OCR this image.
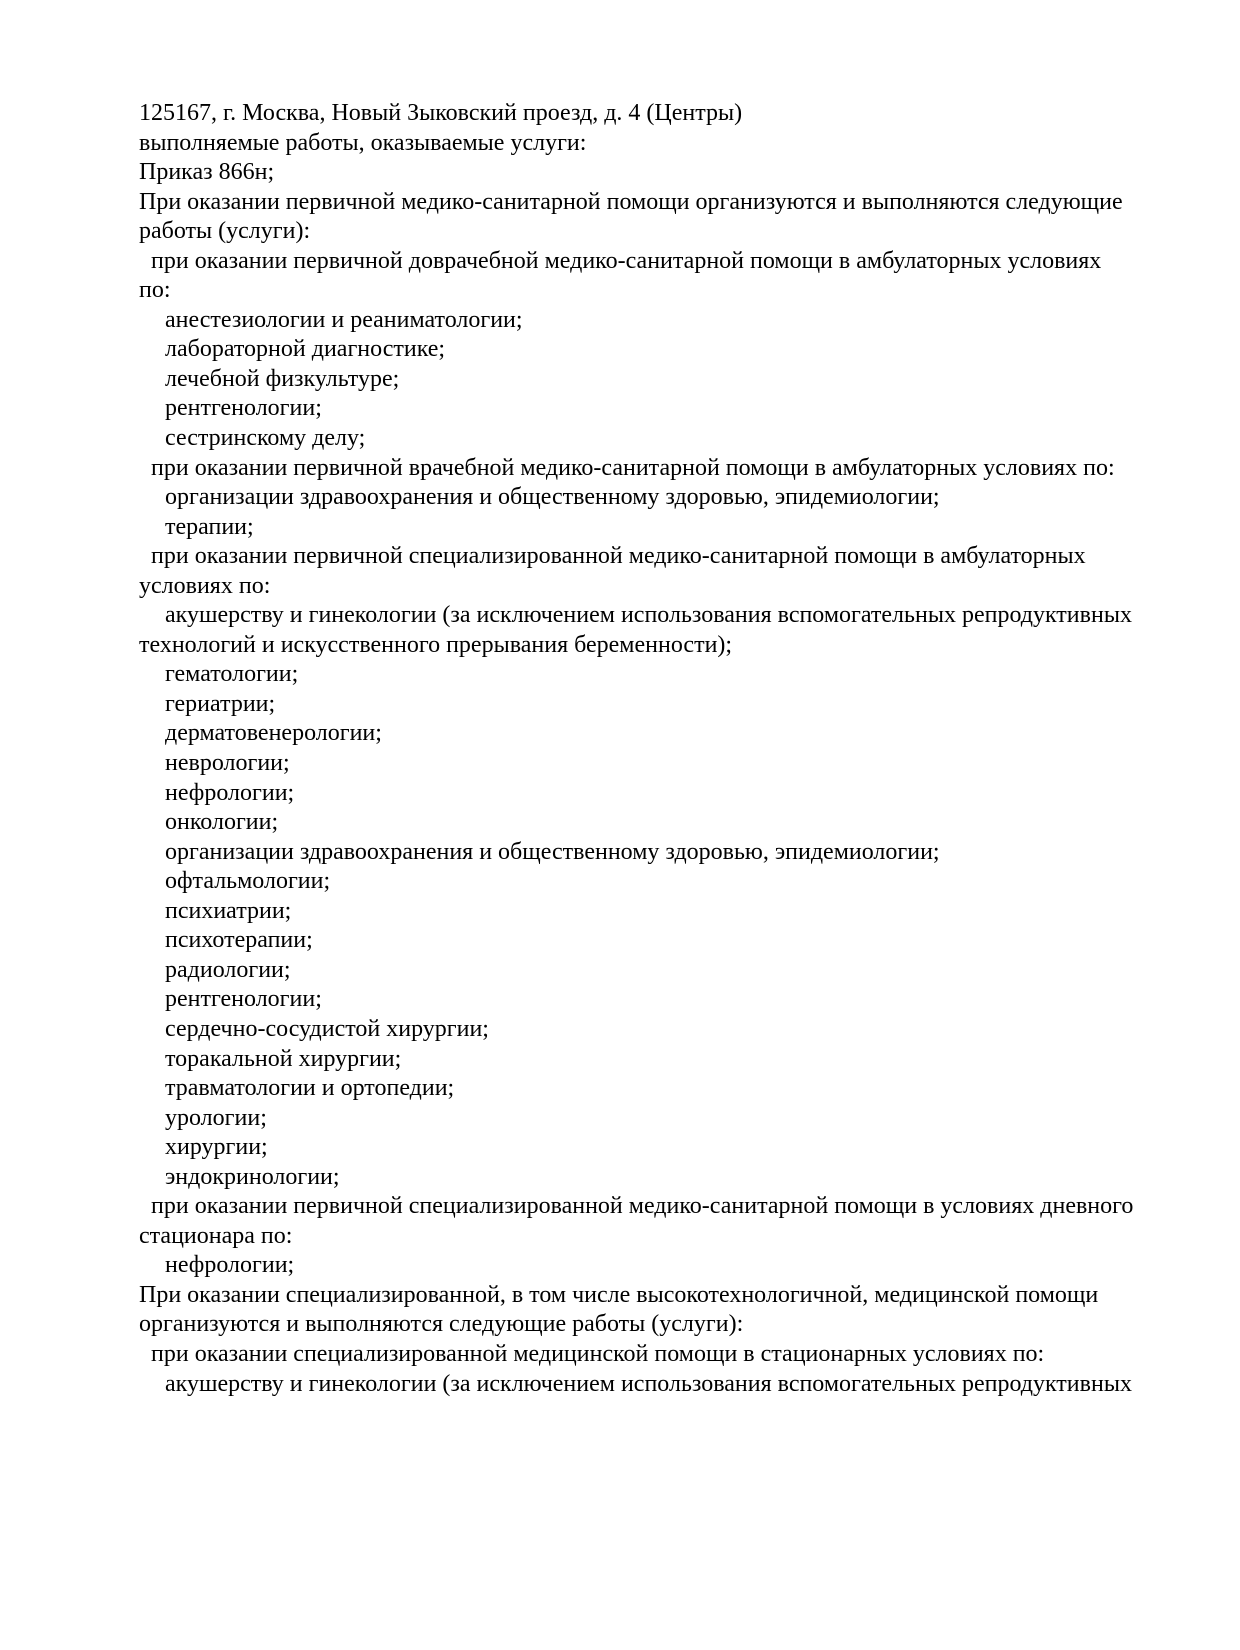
125167, г. Москва, Новый Зыковский проезд, д. 4 (Центры)
выполняемые работы, оказываемые услуги:
Приказ 866н;
При оказании первичной медико-санитарной помощи организуются и выполняются следующие
работы (услуги):
при оказании первичной доврачебной медико-санитарной помощи в амбулаторных условиях
по:
анестезиологии и реаниматологии;
лабораторной диагностике;
лечебной физкультуре;
рентгенологии;
сестринскому делу;
при оказании первичной врачебной медико-санитарной помощи в амбулаторных условиях по:
организации здравоохранения и общественному здоровью, эпидемиологии;
терапии;
при оказании первичной специализированной медико-санитарной помощи в амбулаторных
условиях по:
акушерству и гинекологии (за исключением использования вспомогательных репродуктивных
технологий и искусственного прерывания беременности);
гематологии;
гериатрии;
дерматовенерологии;
неврологии;
нефрологии;
онкологии;
организации здравоохранения и общественному здоровью, эпидемиологии;
офтальмологии;
психиатрии;
психотерапии;
радиологии;
рентгенологии;
сердечно-сосудистой хирургии;
торакальной хирургии;
травматологии и ортопедии;
урологии;
хирургии;
эндокринологии;
при оказании первичной специализированной медико-санитарной помощи в условиях дневного
стационара по:
нефрологии;
При оказании специализированной, в том числе высокотехнологичной, медицинской помощи
организуются и выполняются следующие работы (услуги):
при оказании специализированной медицинской помощи в стационарных условиях по:
акушерству и гинекологии (за исключением использования вспомогательных репродуктивных
